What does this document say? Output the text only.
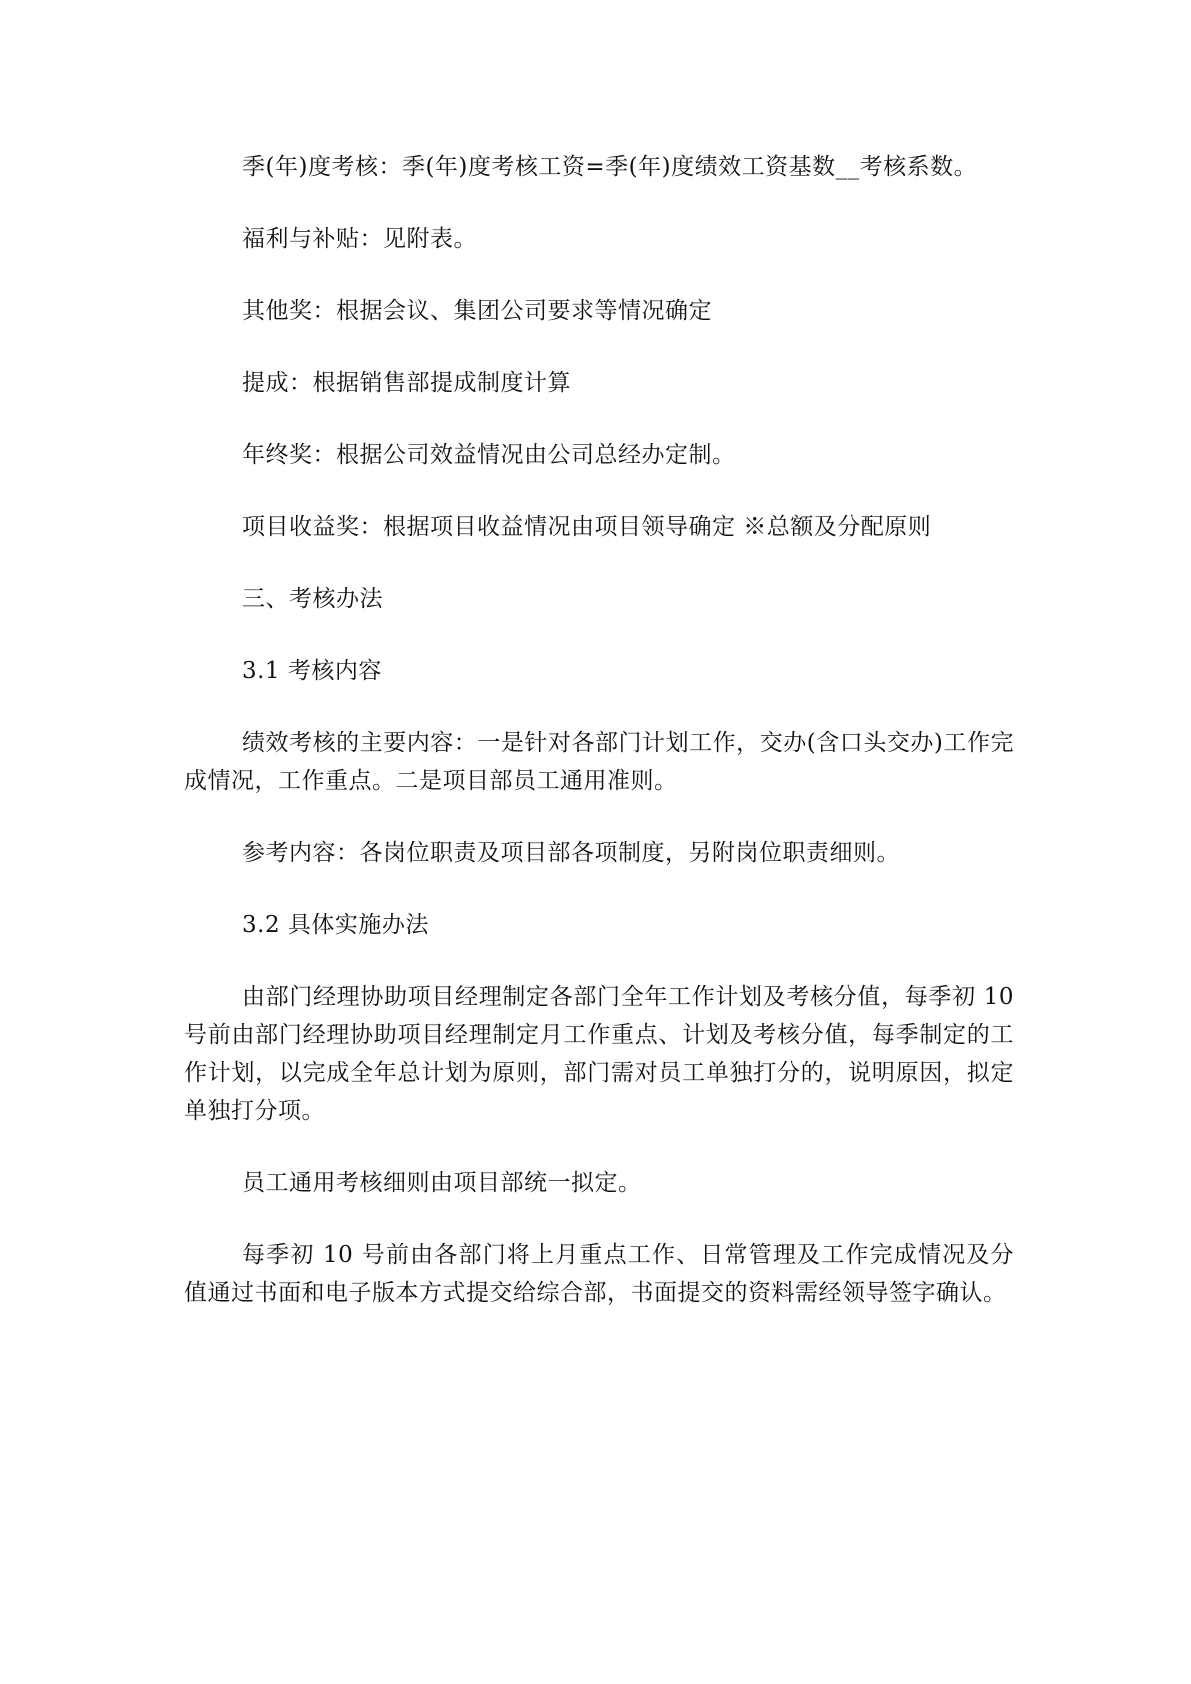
季(年)度考核：季(年)度考核工资=季(年)度绩效工资基数__考核系数。

福利与补贴：见附表。

其他奖：根据会议、集团公司要求等情况确定

提成：根据销售部提成制度计算

年终奖：根据公司效益情况由公司总经办定制。

项目收益奖：根据项目收益情况由项目领导确定 ※总额及分配原则

三、考核办法

3.1 考核内容

绩效考核的主要内容：一是针对各部门计划工作，交办(含口头交办)工作完成情况，工作重点。二是项目部员工通用准则。

参考内容：各岗位职责及项目部各项制度，另附岗位职责细则。

3.2 具体实施办法

由部门经理协助项目经理制定各部门全年工作计划及考核分值，每季初 10 号前由部门经理协助项目经理制定月工作重点、计划及考核分值，每季制定的工作计划，以完成全年总计划为原则，部门需对员工单独打分的，说明原因，拟定单独打分项。

员工通用考核细则由项目部统一拟定。

每季初 10 号前由各部门将上月重点工作、日常管理及工作完成情况及分值通过书面和电子版本方式提交给综合部，书面提交的资料需经领导签字确认。
